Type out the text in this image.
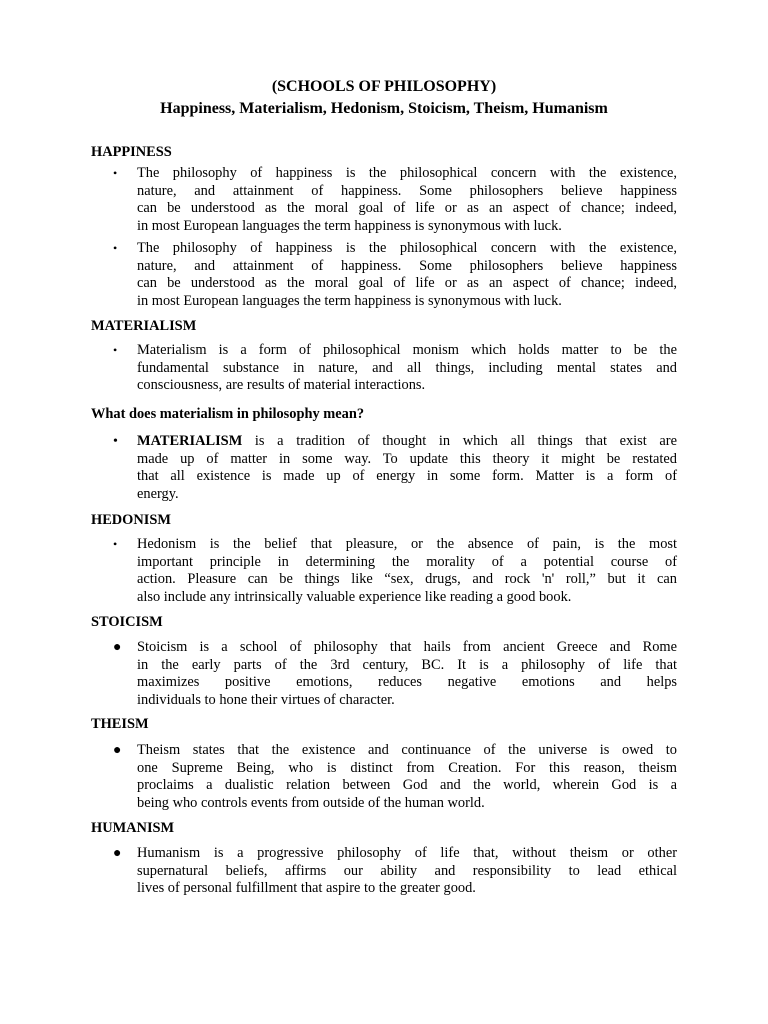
(SCHOOLS OF PHILOSOPHY)
Happiness, Materialism, Hedonism, Stoicism, Theism, Humanism
HAPPINESS
• The philosophy of happiness is the philosophical concern with the existence,
nature, and attainment of happiness. Some philosophers believe happiness
can be understood as the moral goal of life or as an aspect of chance; indeed,
in most European languages the term happiness is synonymous with luck.
• The philosophy of happiness is the philosophical concern with the existence,
nature, and attainment of happiness. Some philosophers believe happiness
can be understood as the moral goal of life or as an aspect of chance; indeed,
in most European languages the term happiness is synonymous with luck.
MATERIALISM
• Materialism is a form of philosophical monism which holds matter to be the
fundamental substance in nature, and all things, including mental states and
consciousness, are results of material interactions.
What does materialism in philosophy mean?
• MATERIALISM is a tradition of thought in which all things that exist are
made up of matter in some way. To update this theory it might be restated
that all existence is made up of energy in some form. Matter is a form of
energy.
HEDONISM
• Hedonism is the belief that pleasure, or the absence of pain, is the most
important principle in determining the morality of a potential course of
action. Pleasure can be things like “sex, drugs, and rock 'n' roll,” but it can
also include any intrinsically valuable experience like reading a good book.
STOICISM
● Stoicism is a school of philosophy that hails from ancient Greece and Rome
in the early parts of the 3rd century, BC. It is a philosophy of life that
maximizes positive emotions, reduces negative emotions and helps
individuals to hone their virtues of character.
THEISM
● Theism states that the existence and continuance of the universe is owed to
one Supreme Being, who is distinct from Creation. For this reason, theism
proclaims a dualistic relation between God and the world, wherein God is a
being who controls events from outside of the human world.
HUMANISM
● Humanism is a progressive philosophy of life that, without theism or other
supernatural beliefs, affirms our ability and responsibility to lead ethical
lives of personal fulfillment that aspire to the greater good.
